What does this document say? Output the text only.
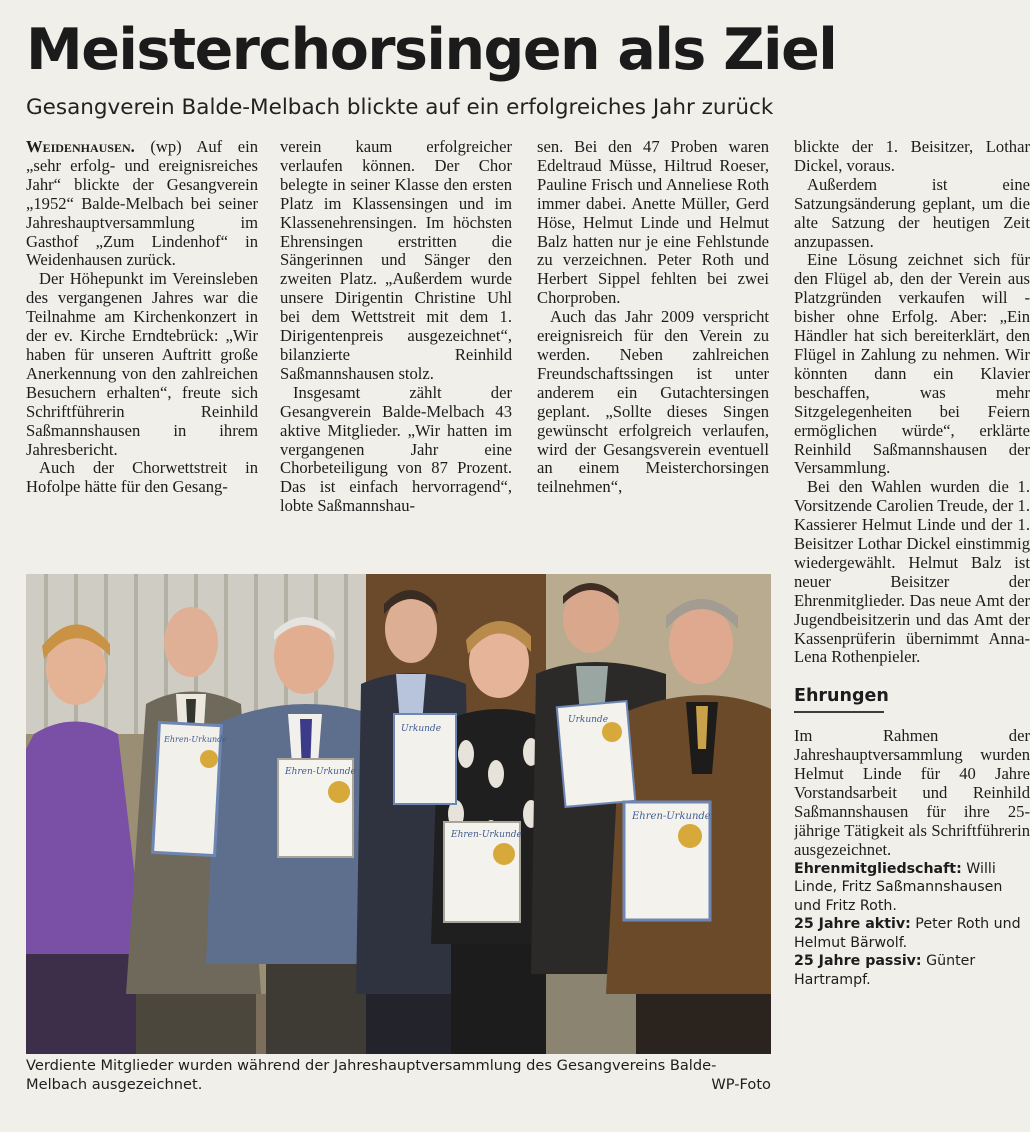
Meisterchorsingen als Ziel
Gesangverein Balde-Melbach blickte auf ein erfolgreiches Jahr zurück

Weidenhausen. (wp) Auf ein „sehr erfolg- und ereignisreiches Jahr“ blickte der Gesangverein „1952“ Balde-Melbach bei seiner Jahreshauptversammlung im Gasthof „Zum Lindenhof“ in Weidenhausen zurück.

Der Höhepunkt im Vereinsleben des vergangenen Jahres war die Teilnahme am Kirchenkonzert in der ev. Kirche Erndtebrück: „Wir haben für unseren Auftritt große Anerkennung von den zahlreichen Besuchern erhalten“, freute sich Schriftführerin Reinhild Saßmannshausen in ihrem Jahresbericht.

Auch der Chorwettstreit in Hofolpe hätte für den Gesang-

verein kaum erfolgreicher verlaufen können. Der Chor belegte in seiner Klasse den ersten Platz im Klassensingen und im Klassenehrensingen. Im höchsten Ehrensingen erstritten die Sängerinnen und Sänger den zweiten Platz. „Außerdem wurde unsere Dirigentin Christine Uhl bei dem Wettstreit mit dem 1. Dirigentenpreis ausgezeichnet“, bilanzierte Reinhild Saßmannshausen stolz.

Insgesamt zählt der Gesangverein Balde-Melbach 43 aktive Mitglieder. „Wir hatten im vergangenen Jahr eine Chorbeteiligung von 87 Prozent. Das ist einfach hervorragend“, lobte Saßmannshau-

sen. Bei den 47 Proben waren Edeltraud Müsse, Hiltrud Roeser, Pauline Frisch und Anneliese Roth immer dabei. Anette Müller, Gerd Höse, Helmut Linde und Helmut Balz hatten nur je eine Fehlstunde zu verzeichnen. Peter Roth und Herbert Sippel fehlten bei zwei Chorproben.

Auch das Jahr 2009 verspricht ereignisreich für den Verein zu werden. Neben zahlreichen Freundschaftssingen ist unter anderem ein Gutachtersingen geplant. „Sollte dieses Singen gewünscht erfolgreich verlaufen, wird der Gesangsverein eventuell an einem Meisterchorsingen teilnehmen“,

blickte der 1. Beisitzer, Lothar Dickel, voraus.

Außerdem ist eine Satzungsänderung geplant, um die alte Satzung der heutigen Zeit anzupassen.

Eine Lösung zeichnet sich für den Flügel ab, den der Verein aus Platzgründen verkaufen will - bisher ohne Erfolg. Aber: „Ein Händler hat sich bereiterklärt, den Flügel in Zahlung zu nehmen. Wir könnten dann ein Klavier beschaffen, was mehr Sitzgelegenheiten bei Feiern ermöglichen würde“, erklärte Reinhild Saßmannshausen der Versammlung.

Bei den Wahlen wurden die 1. Vorsitzende Carolien Treude, der 1. Kassierer Helmut Linde und der 1. Beisitzer Lothar Dickel einstimmig wiedergewählt. Helmut Balz ist neuer Beisitzer der Ehrenmitglieder. Das neue Amt der Jugendbeisitzerin und das Amt der Kassenprüferin übernimmt Anna-Lena Rothenpieler.

Ehrungen

Im Rahmen der Jahreshauptversammlung wurden Helmut Linde für 40 Jahre Vorstandsarbeit und Reinhild Saßmannshausen für ihre 25-jährige Tätigkeit als Schriftführerin ausgezeichnet.

Ehrenmitgliedschaft: Willi Linde, Fritz Saßmannshausen und Fritz Roth.

25 Jahre aktiv: Peter Roth und Helmut Bärwolf.

25 Jahre passiv: Günter Hartrampf.

Ehren-Urkunde
Ehren-Urkunde
Urkunde
Ehren-Urkunde
Urkunde
Ehren-Urkunde
Verdiente Mitglieder wurden während der Jahreshauptversammlung des Gesangvereins Balde-Melbach ausgezeichnet.	WP-Foto
